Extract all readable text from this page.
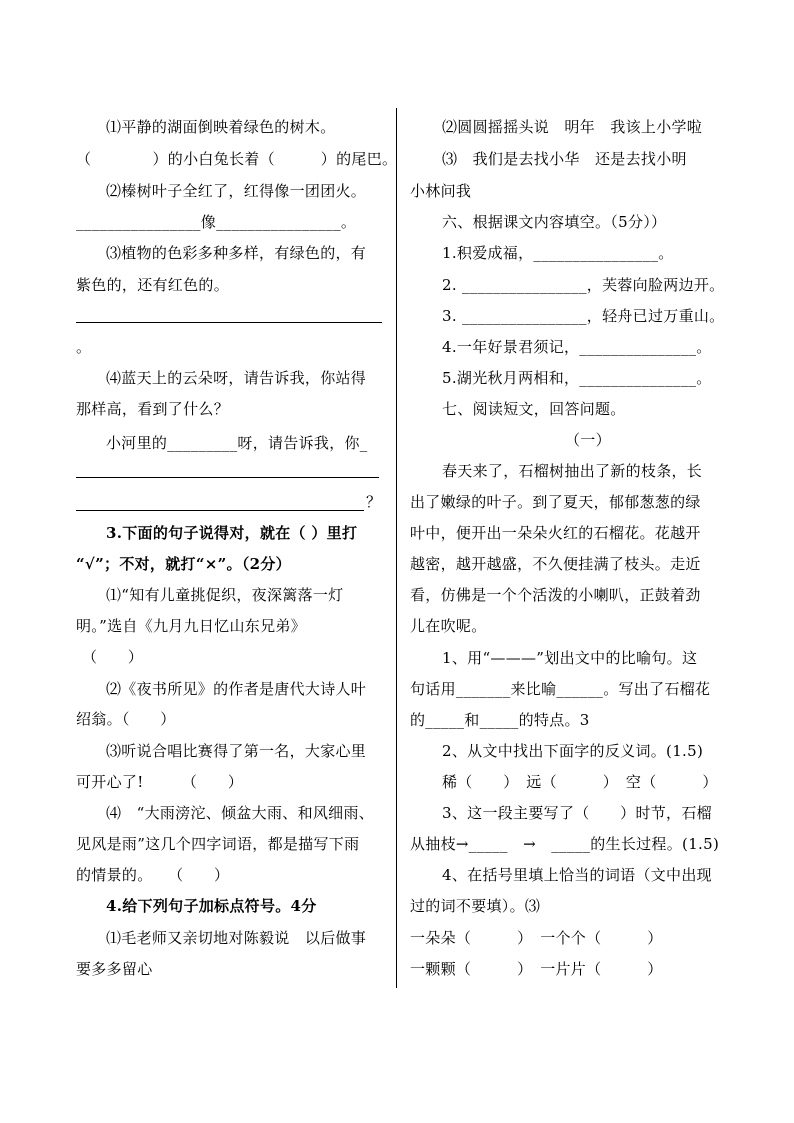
⑴平静的湖面倒映着绿色的树木。
（　　　　）的小白兔长着（　　　）的尾巴。
⑵榛树叶子全红了，红得像一团团火。
________________像________________。
⑶植物的色彩多种多样，有绿色的，有
紫色的，还有红色的。
。
⑷蓝天上的云朵呀，请告诉我，你站得
那样高，看到了什么？
小河里的_________呀，请告诉我，你_
？
3.下面的句子说得对，就在（ ）里打
“√”；不对，就打“×”。（2分）
⑴“知有儿童挑促织，夜深篱落一灯
明。”选自《九月九日忆山东兄弟》
（　　）
⑵《夜书所见》的作者是唐代大诗人叶
绍翁。（　　）
⑶听说合唱比赛得了第一名，大家心里
可开心了!　　　（　　）
⑷　“大雨滂沱、倾盆大雨、和风细雨、
见风是雨”这几个四字词语，都是描写下雨
的情景的。　　（　　）
4.给下列句子加标点符号。4分
⑴毛老师又亲切地对陈毅说　以后做事
要多多留心
⑵圆圆摇摇头说　明年　我该上小学啦
⑶　我们是去找小华　还是去找小明
小林问我
六、根据课文内容填空。（5分））
1.积爱成福，________________。
2. ________________，芙蓉向脸两边开。
3. ________________，轻舟已过万重山。
4.一年好景君须记，_______________。
5.湖光秋月两相和，_______________。
七、阅读短文，回答问题。
（一）
春天来了，石榴树抽出了新的枝条，长
出了嫩绿的叶子。到了夏天，郁郁葱葱的绿
叶中，便开出一朵朵火红的石榴花。花越开
越密，越开越盛，不久便挂满了枝头。走近
看，仿佛是一个个活泼的小喇叭，正鼓着劲
儿在吹呢。
1、用“———”划出文中的比喻句。这
句话用_______来比喻______。写出了石榴花
的_____和_____的特点。3
2、从文中找出下面字的反义词。(1.5)
稀（　　）　远（　　　）　空（　　　）
3、这一段主要写了（　　）时节，石榴
从抽枝→_____　→　_____的生长过程。(1.5)
4、在括号里填上恰当的词语（文中出现
过的词不要填）。⑶
一朵朵（　　　）　一个个（　　　）
一颗颗（　　　）　一片片（　　　）
